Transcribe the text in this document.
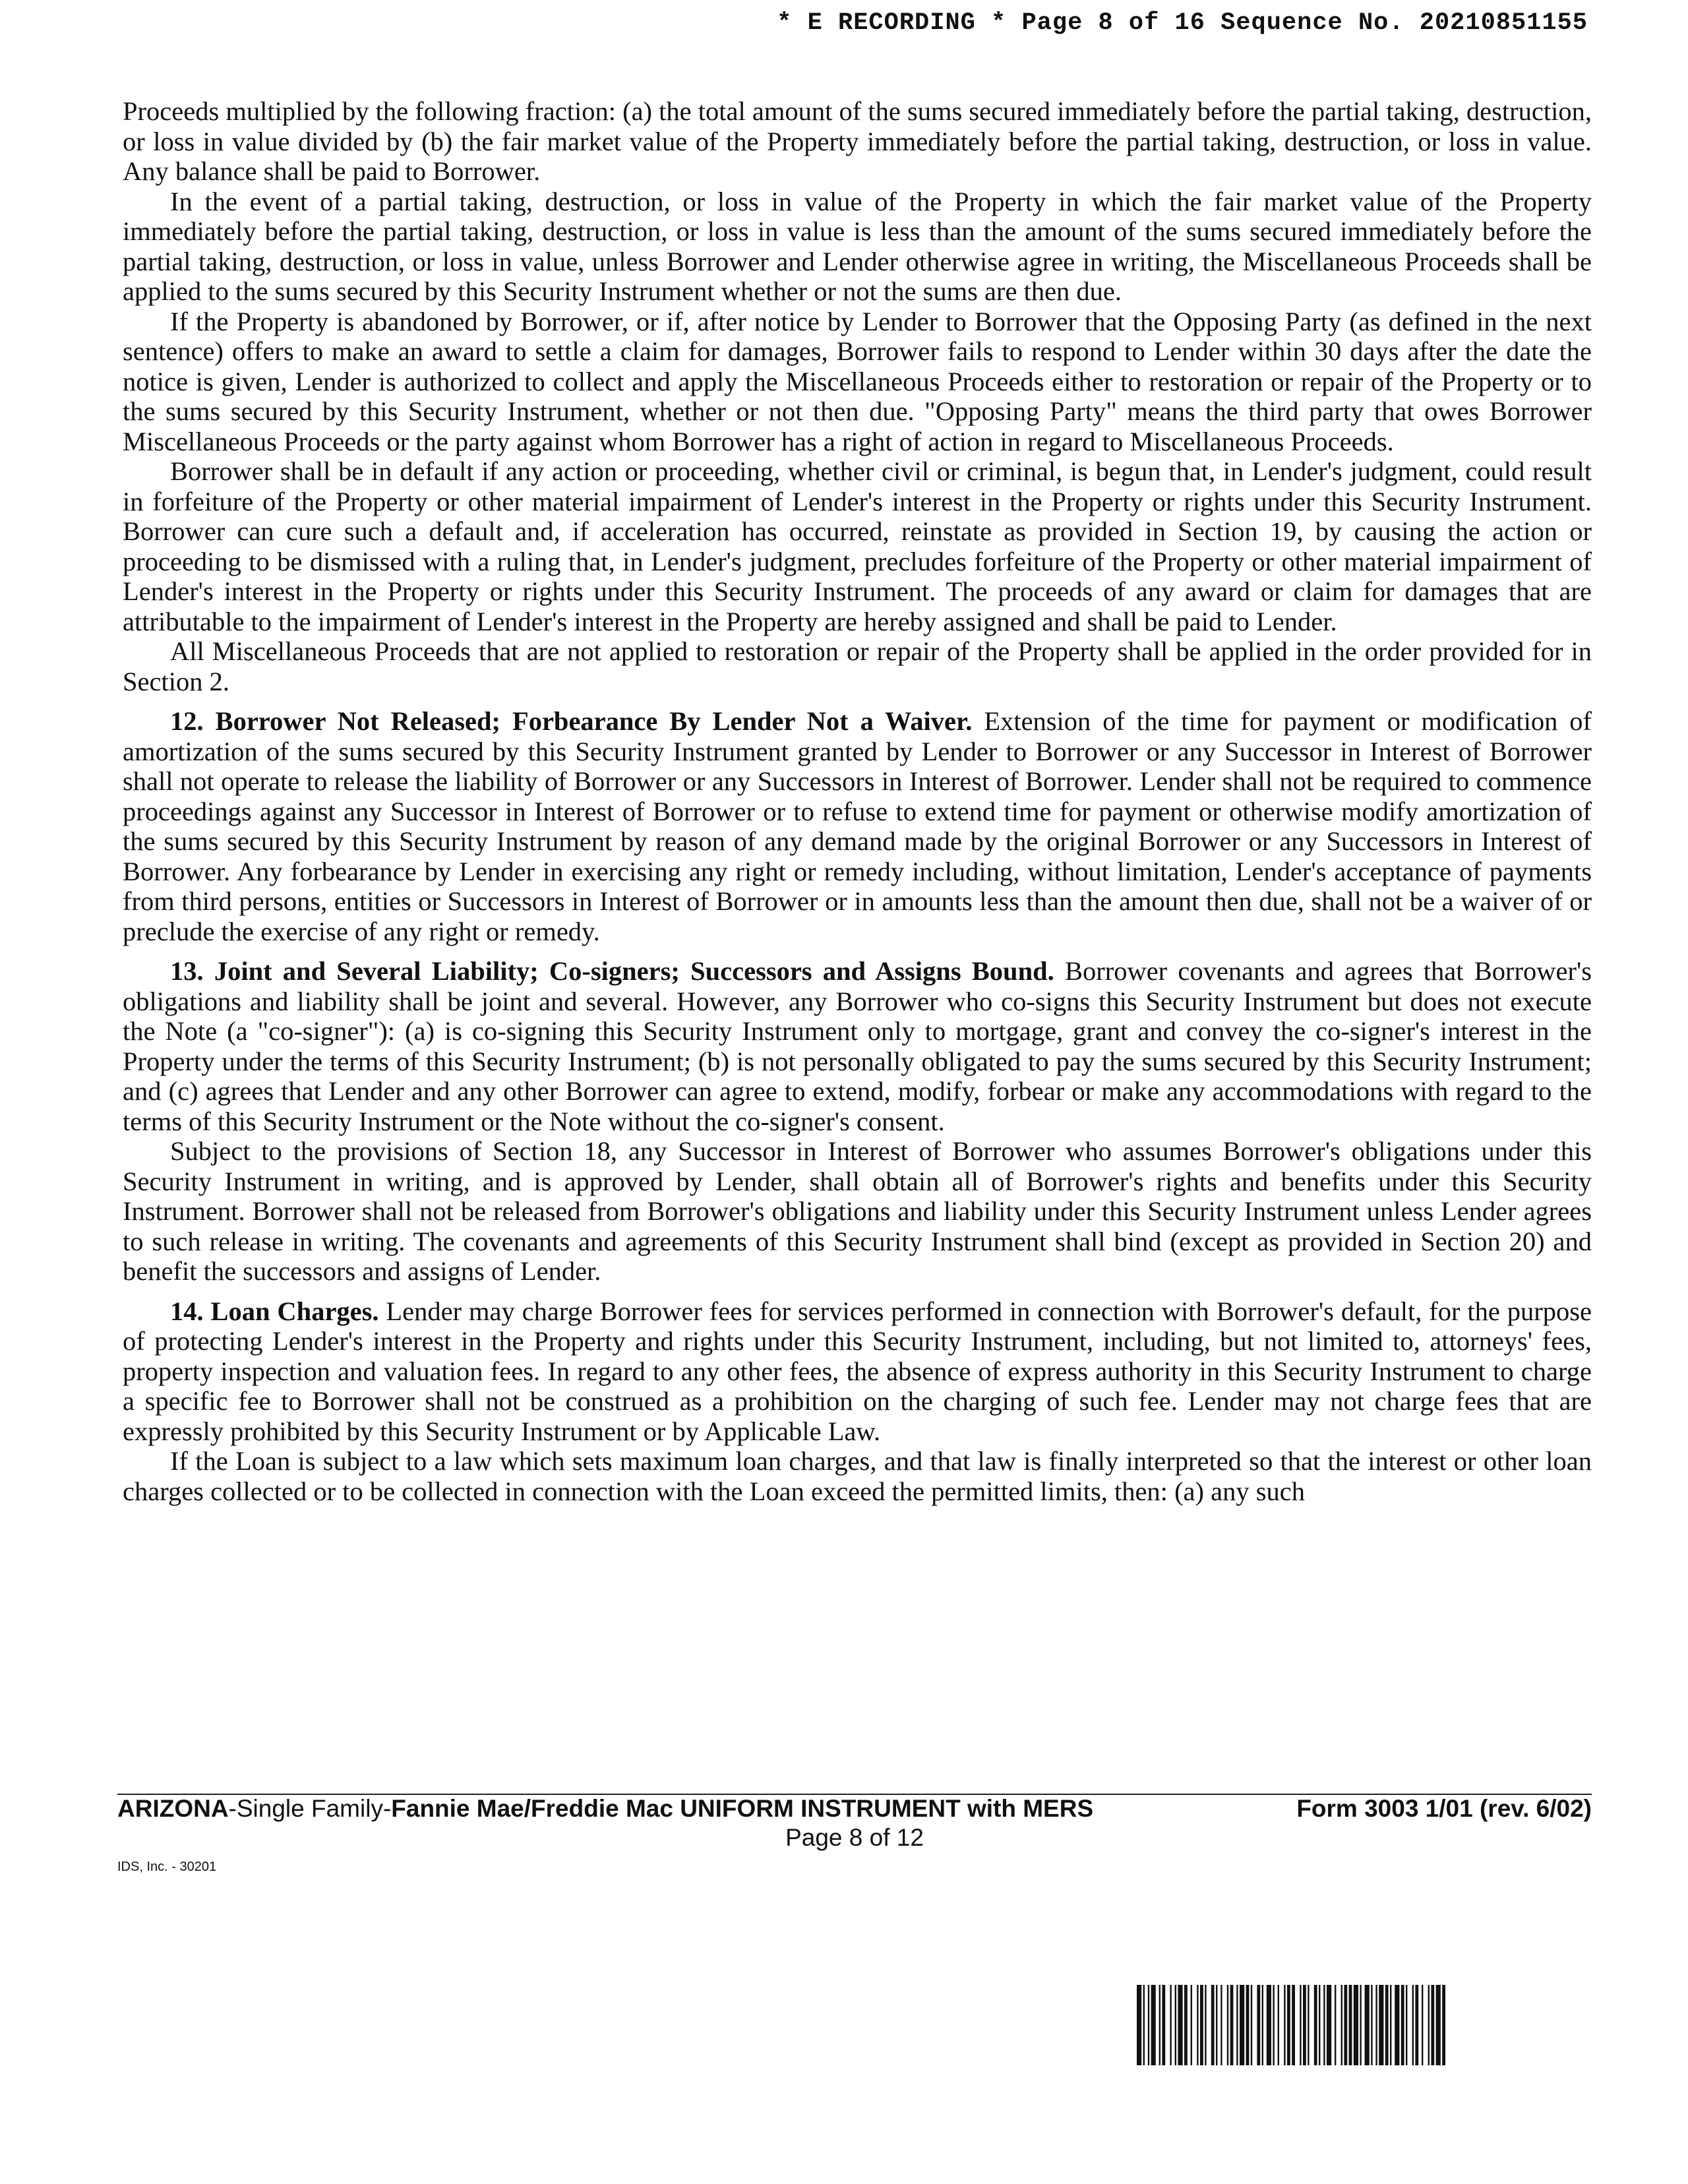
* E RECORDING * Page 8 of 16 Sequence No. 20210851155

Proceeds multiplied by the following fraction: (a) the total amount of the sums secured immediately before the partial taking, destruction, or loss in value divided by (b) the fair market value of the Property immediately before the partial taking, destruction, or loss in value. Any balance shall be paid to Borrower.

In the event of a partial taking, destruction, or loss in value of the Property in which the fair market value of the Property immediately before the partial taking, destruction, or loss in value is less than the amount of the sums secured immediately before the partial taking, destruction, or loss in value, unless Borrower and Lender otherwise agree in writing, the Miscellaneous Proceeds shall be applied to the sums secured by this Security Instrument whether or not the sums are then due.

If the Property is abandoned by Borrower, or if, after notice by Lender to Borrower that the Opposing Party (as defined in the next sentence) offers to make an award to settle a claim for damages, Borrower fails to respond to Lender within 30 days after the date the notice is given, Lender is authorized to collect and apply the Miscellaneous Proceeds either to restoration or repair of the Property or to the sums secured by this Security Instrument, whether or not then due. "Opposing Party" means the third party that owes Borrower Miscellaneous Proceeds or the party against whom Borrower has a right of action in regard to Miscellaneous Proceeds.

Borrower shall be in default if any action or proceeding, whether civil or criminal, is begun that, in Lender's judgment, could result in forfeiture of the Property or other material impairment of Lender's interest in the Property or rights under this Security Instrument. Borrower can cure such a default and, if acceleration has occurred, reinstate as provided in Section 19, by causing the action or proceeding to be dismissed with a ruling that, in Lender's judgment, precludes forfeiture of the Property or other material impairment of Lender's interest in the Property or rights under this Security Instrument. The proceeds of any award or claim for damages that are attributable to the impairment of Lender's interest in the Property are hereby assigned and shall be paid to Lender.

All Miscellaneous Proceeds that are not applied to restoration or repair of the Property shall be applied in the order provided for in Section 2.

12. Borrower Not Released; Forbearance By Lender Not a Waiver. Extension of the time for payment or modification of amortization of the sums secured by this Security Instrument granted by Lender to Borrower or any Successor in Interest of Borrower shall not operate to release the liability of Borrower or any Successors in Interest of Borrower. Lender shall not be required to commence proceedings against any Successor in Interest of Borrower or to refuse to extend time for payment or otherwise modify amortization of the sums secured by this Security Instrument by reason of any demand made by the original Borrower or any Successors in Interest of Borrower. Any forbearance by Lender in exercising any right or remedy including, without limitation, Lender's acceptance of payments from third persons, entities or Successors in Interest of Borrower or in amounts less than the amount then due, shall not be a waiver of or preclude the exercise of any right or remedy.

13. Joint and Several Liability; Co-signers; Successors and Assigns Bound. Borrower covenants and agrees that Borrower's obligations and liability shall be joint and several. However, any Borrower who co-signs this Security Instrument but does not execute the Note (a "co-signer"): (a) is co-signing this Security Instrument only to mortgage, grant and convey the co-signer's interest in the Property under the terms of this Security Instrument; (b) is not personally obligated to pay the sums secured by this Security Instrument; and (c) agrees that Lender and any other Borrower can agree to extend, modify, forbear or make any accommodations with regard to the terms of this Security Instrument or the Note without the co-signer's consent.

Subject to the provisions of Section 18, any Successor in Interest of Borrower who assumes Borrower's obligations under this Security Instrument in writing, and is approved by Lender, shall obtain all of Borrower's rights and benefits under this Security Instrument. Borrower shall not be released from Borrower's obligations and liability under this Security Instrument unless Lender agrees to such release in writing. The covenants and agreements of this Security Instrument shall bind (except as provided in Section 20) and benefit the successors and assigns of Lender.

14. Loan Charges. Lender may charge Borrower fees for services performed in connection with Borrower's default, for the purpose of protecting Lender's interest in the Property and rights under this Security Instrument, including, but not limited to, attorneys' fees, property inspection and valuation fees. In regard to any other fees, the absence of express authority in this Security Instrument to charge a specific fee to Borrower shall not be construed as a prohibition on the charging of such fee. Lender may not charge fees that are expressly prohibited by this Security Instrument or by Applicable Law.

If the Loan is subject to a law which sets maximum loan charges, and that law is finally interpreted so that the interest or other loan charges collected or to be collected in connection with the Loan exceed the permitted limits, then: (a) any such

ARIZONA-Single Family-Fannie Mae/Freddie Mac UNIFORM INSTRUMENT with MERS	Form 3003 1/01 (rev. 6/02)
Page 8 of 12
IDS, Inc. - 30201
